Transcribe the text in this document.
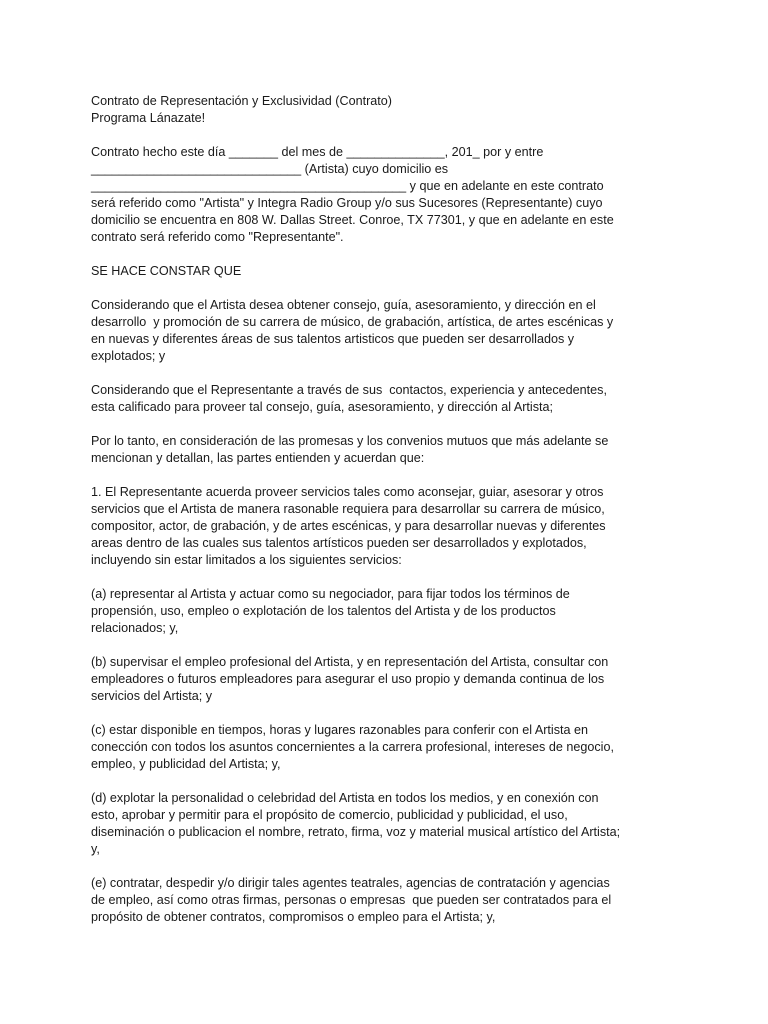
Contrato de Representación y Exclusividad (Contrato)
Programa Lánazate!
Contrato hecho este día _______ del mes de ______________, 201_ por y entre
______________________________ (Artista) cuyo domicilio es
_____________________________________________ y que en adelante en este contrato
será referido como "Artista" y Integra Radio Group y/o sus Sucesores (Representante) cuyo
domicilio se encuentra en 808 W. Dallas Street. Conroe, TX 77301, y que en adelante en este
contrato será referido como "Representante".
SE HACE CONSTAR QUE
Considerando que el Artista desea obtener consejo, guía, asesoramiento, y dirección en el
desarrollo  y promoción de su carrera de músico, de grabación, artística, de artes escénicas y
en nuevas y diferentes áreas de sus talentos artisticos que pueden ser desarrollados y
explotados; y
Considerando que el Representante a través de sus  contactos, experiencia y antecedentes,
esta calificado para proveer tal consejo, guía, asesoramiento, y dirección al Artista;
Por lo tanto, en consideración de las promesas y los convenios mutuos que más adelante se
mencionan y detallan, las partes entienden y acuerdan que:
1. El Representante acuerda proveer servicios tales como aconsejar, guiar, asesorar y otros
servicios que el Artista de manera rasonable requiera para desarrollar su carrera de músico,
compositor, actor, de grabación, y de artes escénicas, y para desarrollar nuevas y diferentes
areas dentro de las cuales sus talentos artísticos pueden ser desarrollados y explotados,
incluyendo sin estar limitados a los siguientes servicios:
(a) representar al Artista y actuar como su negociador, para fijar todos los términos de
propensión, uso, empleo o explotación de los talentos del Artista y de los productos
relacionados; y,
(b) supervisar el empleo profesional del Artista, y en representación del Artista, consultar con
empleadores o futuros empleadores para asegurar el uso propio y demanda continua de los
servicios del Artista; y
(c) estar disponible en tiempos, horas y lugares razonables para conferir con el Artista en
conección con todos los asuntos concernientes a la carrera profesional, intereses de negocio,
empleo, y publicidad del Artista; y,
(d) explotar la personalidad o celebridad del Artista en todos los medios, y en conexión con
esto, aprobar y permitir para el propósito de comercio, publicidad y publicidad, el uso,
diseminación o publicacion el nombre, retrato, firma, voz y material musical artístico del Artista;
y,
(e) contratar, despedir y/o dirigir tales agentes teatrales, agencias de contratación y agencias
de empleo, así como otras firmas, personas o empresas  que pueden ser contratados para el
propósito de obtener contratos, compromisos o empleo para el Artista; y,
